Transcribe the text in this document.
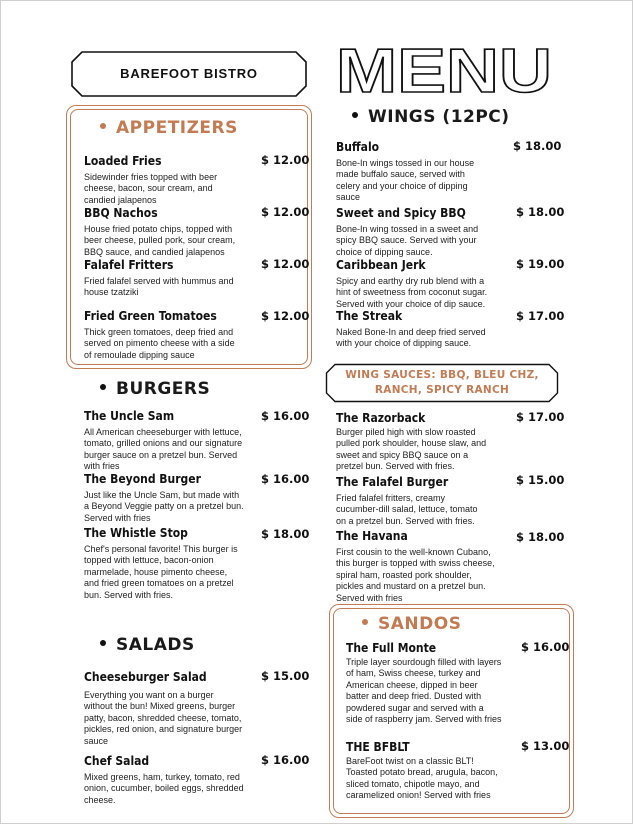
BAREFOOT BISTRO	MENU
APPETIZERS
Loaded Fries
Sidewinder fries topped with beer cheese, bacon, sour cream, and candied jalapenos
$ 12.00
BBQ Nachos
House fried potato chips, topped with beer cheese, pulled pork, sour cream, BBQ sauce, and candied jalapenos
$ 12.00
Falafel Fritters
Fried falafel served with hummus and house tzatziki
$ 12.00
Fried Green Tomatoes
Thick green tomatoes, deep fried and served on pimento cheese with a side of remoulade dipping sauce
$ 12.00
BURGERS
The Uncle Sam
All American cheeseburger with lettuce, tomato, grilled onions and our signature burger sauce on a pretzel bun. Served with fries
$ 16.00
The Beyond Burger
Just like the Uncle Sam, but made with a Beyond Veggie patty on a pretzel bun. Served with fries
$ 16.00
The Whistle Stop
Chef's personal favorite! This burger is topped with lettuce, bacon-onion marmelade, house pimento cheese, and fried green tomatoes on a pretzel bun. Served with fries.
$ 18.00
SALADS
Cheeseburger Salad
Everything you want on a burger without the bun! Mixed greens, burger patty, bacon, shredded cheese, tomato, pickles, red onion, and signature burger sauce
$ 15.00
Chef Salad
Mixed greens, ham, turkey, tomato, red onion, cucumber, boiled eggs, shredded cheese.
$ 16.00
WINGS (12PC)
Buffalo
Bone-In wings tossed in our house made buffalo sauce, served with celery and your choice of dipping sauce
$ 18.00
Sweet and Spicy BBQ
Bone-In wing tossed in a sweet and spicy BBQ sauce. Served with your choice of dipping sauce.
$ 18.00
Caribbean Jerk
Spicy and earthy dry rub blend with a hint of sweetness from coconut sugar. Served with your choice of dip sauce.
$ 19.00
The Streak
Naked Bone-In and deep fried served with your choice of dipping sauce.
$ 17.00
WING SAUCES: BBQ, BLEU CHZ, RANCH, SPICY RANCH
The Razorback
Burger piled high with slow roasted pulled pork shoulder, house slaw, and sweet and spicy BBQ sauce on a pretzel bun. Served with fries.
$ 17.00
The Falafel Burger
Fried falafel fritters, creamy cucumber-dill salad, lettuce, tomato on a pretzel bun. Served with fries.
$ 15.00
The Havana
First cousin to the well-known Cubano, this burger is topped with swiss cheese, spiral ham, roasted pork shoulder, pickles and mustard on a pretzel bun. Served with fries
$ 18.00
SANDOS
The Full Monte
Triple layer sourdough filled with layers of ham, Swiss cheese, turkey and American cheese, dipped in beer batter and deep fried. Dusted with powdered sugar and served with a side of raspberry jam. Served with fries
$ 16.00
THE BFBLT
BareFoot twist on a classic BLT! Toasted potato bread, arugula, bacon, sliced tomato, chipotle mayo, and caramelized onion! Served with fries
$ 13.00
